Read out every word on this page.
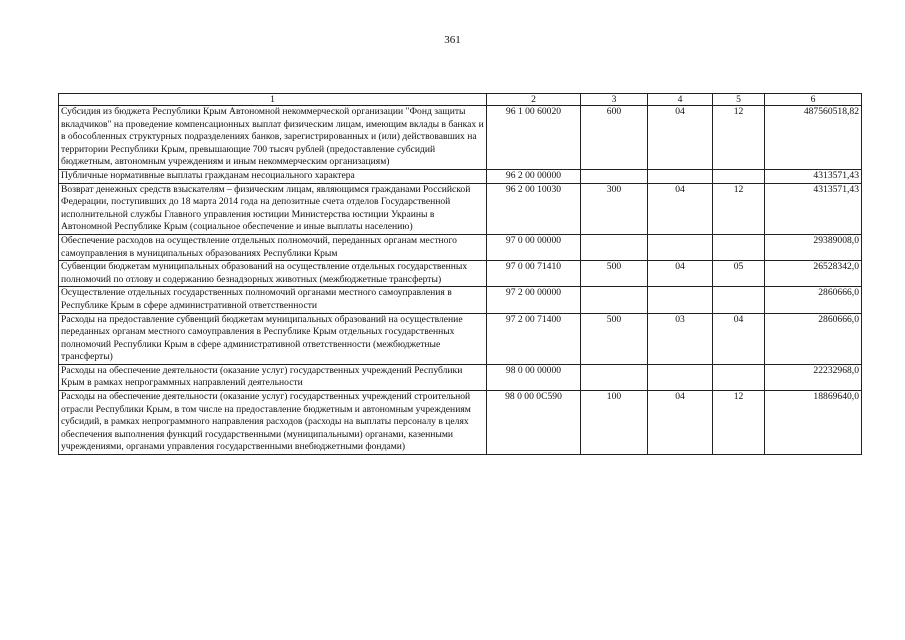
361
1	2	3	4	5	6
Субсидия из бюджета Республики Крым Автономной некоммерческой организации "Фонд защиты вкладчиков" на проведение компенсационных выплат физическим лицам, имеющим вклады в банках и в обособленных структурных подразделениях банков, зарегистрированных и (или) действовавших на территории Республики Крым, превышающие 700 тысяч рублей (предоставление субсидий бюджетным, автономным учреждениям и иным некоммерческим организациям)	96 1 00 60020	600	04	12	487560518,82
Публичные нормативные выплаты гражданам несоциального характера	96 2 00 00000				4313571,43
Возврат денежных средств взыскателям – физическим лицам, являющимся гражданами Российской Федерации, поступивших до 18 марта 2014 года на депозитные счета отделов Государственной исполнительной службы Главного управления юстиции Министерства юстиции Украины в Автономной Республике Крым (социальное обеспечение и иные выплаты населению)	96 2 00 10030	300	04	12	4313571,43
Обеспечение расходов на осуществление отдельных полномочий, переданных органам местного самоуправления в муниципальных образованиях Республики Крым	97 0 00 00000				29389008,0
Субвенции бюджетам муниципальных образований на осуществление отдельных государственных полномочий по отлову и содержанию безнадзорных животных (межбюджетные трансферты)	97 0 00 71410	500	04	05	26528342,0
Осуществление отдельных государственных полномочий органами местного самоуправления в Республике Крым в сфере административной ответственности	97 2 00 00000				2860666,0
Расходы на предоставление субвенций бюджетам муниципальных образований на осуществление переданных органам местного самоуправления в Республике Крым отдельных государственных полномочий Республики Крым в сфере административной ответственности (межбюджетные трансферты)	97 2 00 71400	500	03	04	2860666,0
Расходы на обеспечение деятельности (оказание услуг) государственных учреждений Республики Крым в рамках непрограммных направлений деятельности	98 0 00 00000				22232968,0
Расходы на обеспечение деятельности (оказание услуг) государственных учреждений строительной отрасли Республики Крым, в том числе на предоставление бюджетным и автономным учреждениям субсидий, в рамках непрограммного направления расходов (расходы на выплаты персоналу в целях обеспечения выполнения функций государственными (муниципальными) органами, казенными учреждениями, органами управления государственными внебюджетными фондами)	98 0 00 0С590	100	04	12	18869640,0
